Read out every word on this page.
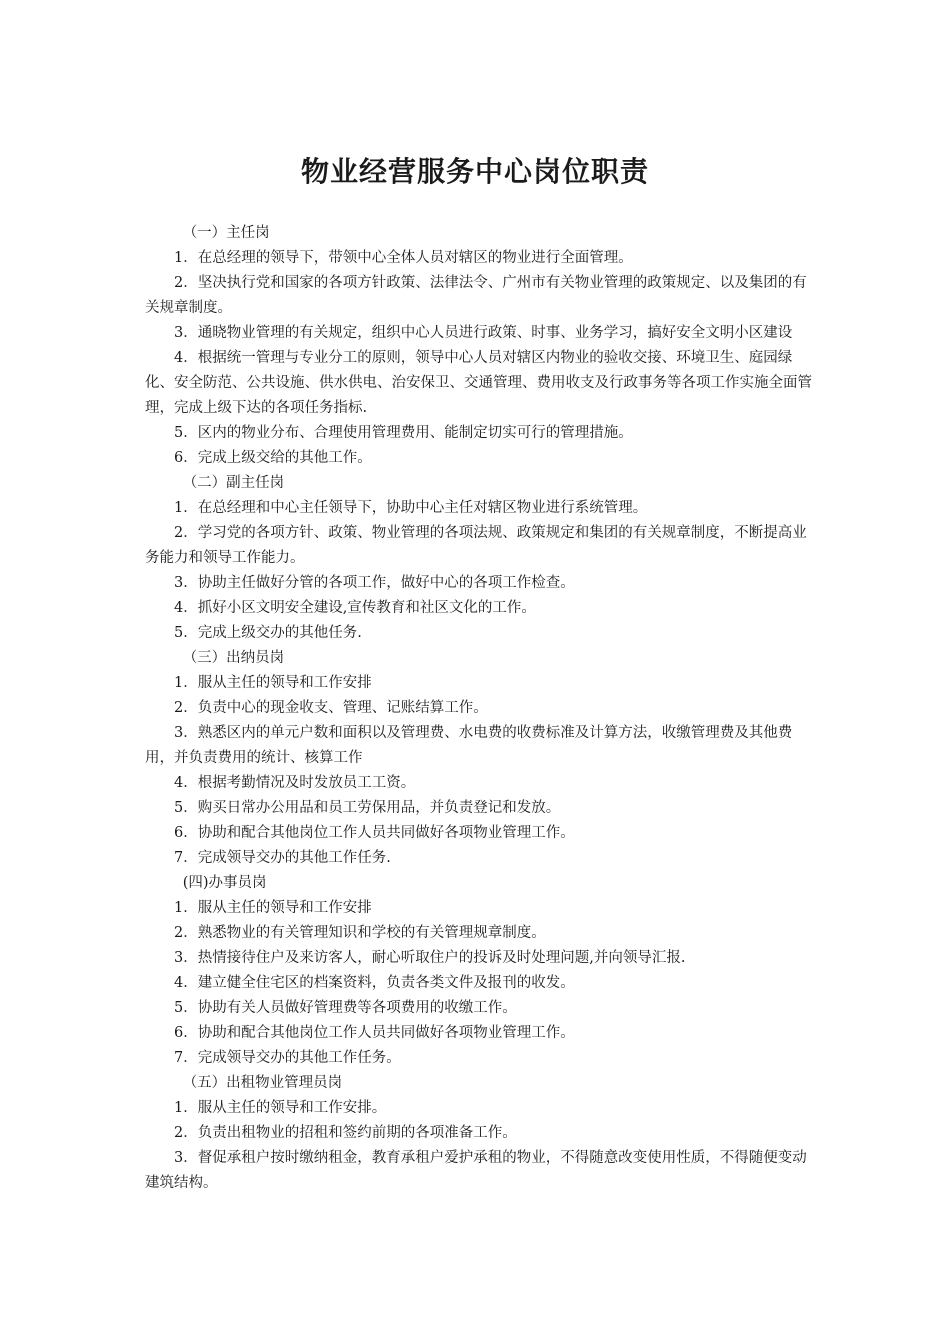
物业经营服务中心岗位职责

（一）主任岗

1．在总经理的领导下，带领中心全体人员对辖区的物业进行全面管理。

2．坚决执行党和国家的各项方针政策、法律法令、广州市有关物业管理的政策规定、以及集团的有关规章制度。

3．通晓物业管理的有关规定，组织中心人员进行政策、时事、业务学习，搞好安全文明小区建设

4．根据统一管理与专业分工的原则，领导中心人员对辖区内物业的验收交接、环境卫生、庭园绿化、安全防范、公共设施、供水供电、治安保卫、交通管理、费用收支及行政事务等各项工作实施全面管理，完成上级下达的各项任务指标.

5．区内的物业分布、合理使用管理费用、能制定切实可行的管理措施。

6．完成上级交给的其他工作。

（二）副主任岗

1．在总经理和中心主任领导下，协助中心主任对辖区物业进行系统管理。

2．学习党的各项方针、政策、物业管理的各项法规、政策规定和集团的有关规章制度，不断提高业务能力和领导工作能力。

3．协助主任做好分管的各项工作，做好中心的各项工作检查。

4．抓好小区文明安全建设,宣传教育和社区文化的工作。

5．完成上级交办的其他任务.

（三）出纳员岗

1．服从主任的领导和工作安排

2．负责中心的现金收支、管理、记账结算工作。

3．熟悉区内的单元户数和面积以及管理费、水电费的收费标准及计算方法，收缴管理费及其他费用，并负责费用的统计、核算工作

4．根据考勤情况及时发放员工工资。

5．购买日常办公用品和员工劳保用品，并负责登记和发放。

6．协助和配合其他岗位工作人员共同做好各项物业管理工作。

7．完成领导交办的其他工作任务.

(四)办事员岗

1．服从主任的领导和工作安排

2．熟悉物业的有关管理知识和学校的有关管理规章制度。

3．热情接待住户及来访客人，耐心听取住户的投诉及时处理问题,并向领导汇报.

4．建立健全住宅区的档案资料，负责各类文件及报刊的收发。

5．协助有关人员做好管理费等各项费用的收缴工作。

6．协助和配合其他岗位工作人员共同做好各项物业管理工作。

7．完成领导交办的其他工作任务。

（五）出租物业管理员岗

1．服从主任的领导和工作安排。

2．负责出租物业的招租和签约前期的各项准备工作。

3．督促承租户按时缴纳租金，教育承租户爱护承租的物业，不得随意改变使用性质，不得随便变动建筑结构。
